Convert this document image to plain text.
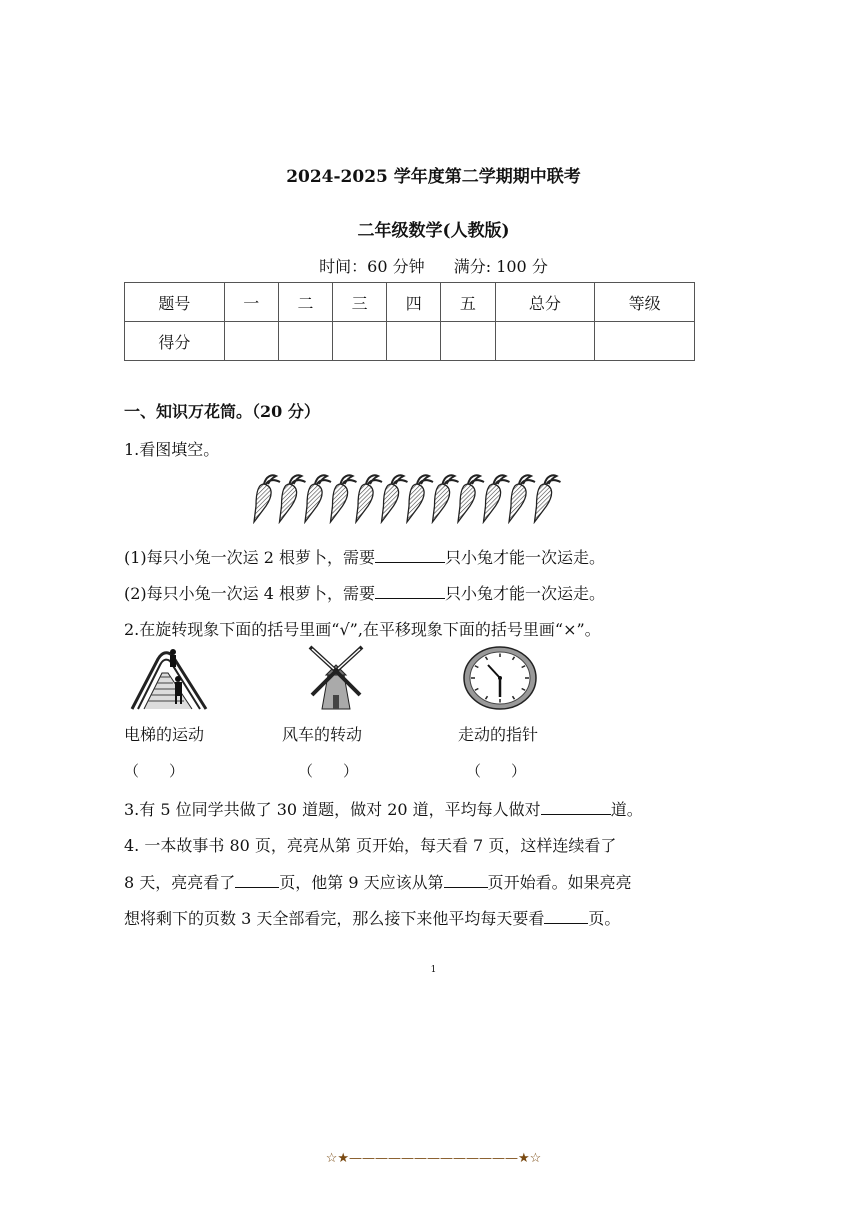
2024-2025 学年度第二学期期中联考
二年级数学(人教版)
时间：60 分钟 满分: 100 分
题号	一	二	三	四	五	总分	等级
得分							
一、知识万花筒。（20 分）
1.看图填空。
(1)每只小兔一次运 2 根萝卜，需要	只小兔才能一次运走。
(2)每只小兔一次运 4 根萝卜，需要	只小兔才能一次运走。
2.在旋转现象下面的括号里画“√”,在平移现象下面的括号里画“×”。
电梯的运动	风车的转动	走动的指针
（　　）	（　　）	（　　）
3.有 5 位同学共做了 30 道题，做对 20 道，平均每人做对	道。
4. 一本故事书 80 页，亮亮从第 页开始，每天看 7 页，这样连续看了
8 天，亮亮看了	页，他第 9 天应该从第	页开始看。如果亮亮
想将剩下的页数 3 天全部看完，那么接下来他平均每天要看	页。
1
☆★—————————————★☆
